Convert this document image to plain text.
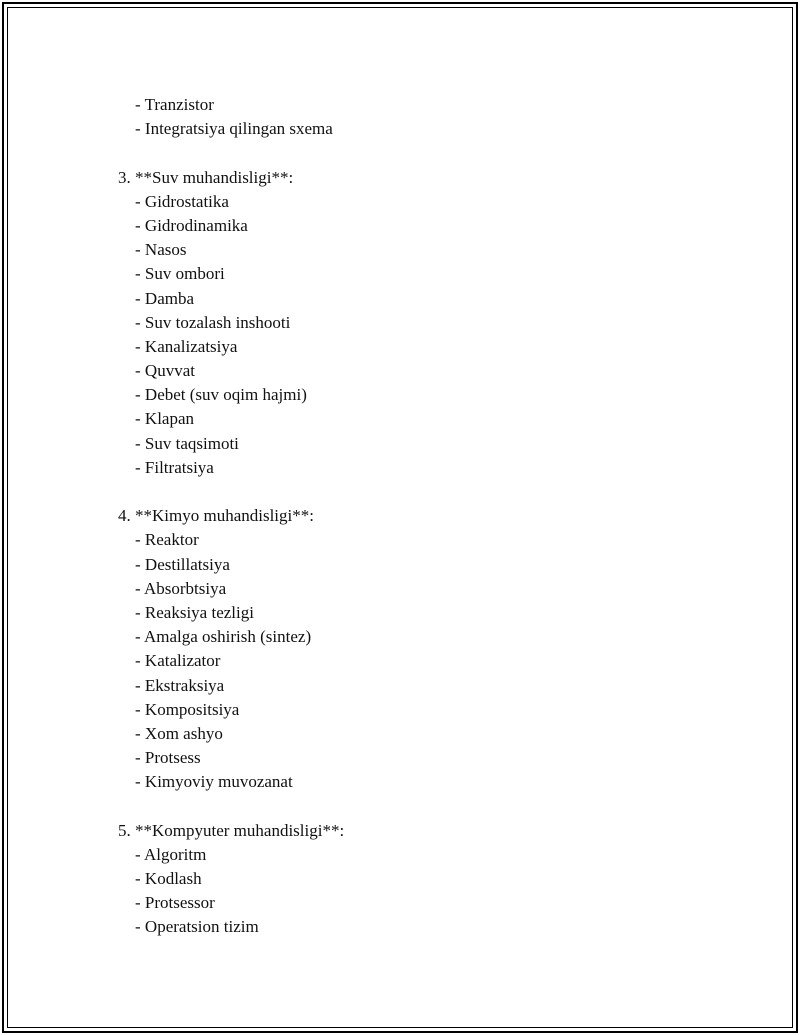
- Tranzistor
- Integratsiya qilingan sxema
3. **Suv muhandisligi**:
- Gidrostatika
- Gidrodinamika
- Nasos
- Suv ombori
- Damba
- Suv tozalash inshooti
- Kanalizatsiya
- Quvvat
- Debet (suv oqim hajmi)
- Klapan
- Suv taqsimoti
- Filtratsiya
4. **Kimyo muhandisligi**:
- Reaktor
- Destillatsiya
- Absorbtsiya
- Reaksiya tezligi
- Amalga oshirish (sintez)
- Katalizator
- Ekstraksiya
- Kompositsiya
- Xom ashyo
- Protsess
- Kimyoviy muvozanat
5. **Kompyuter muhandisligi**:
- Algoritm
- Kodlash
- Protsessor
- Operatsion tizim
